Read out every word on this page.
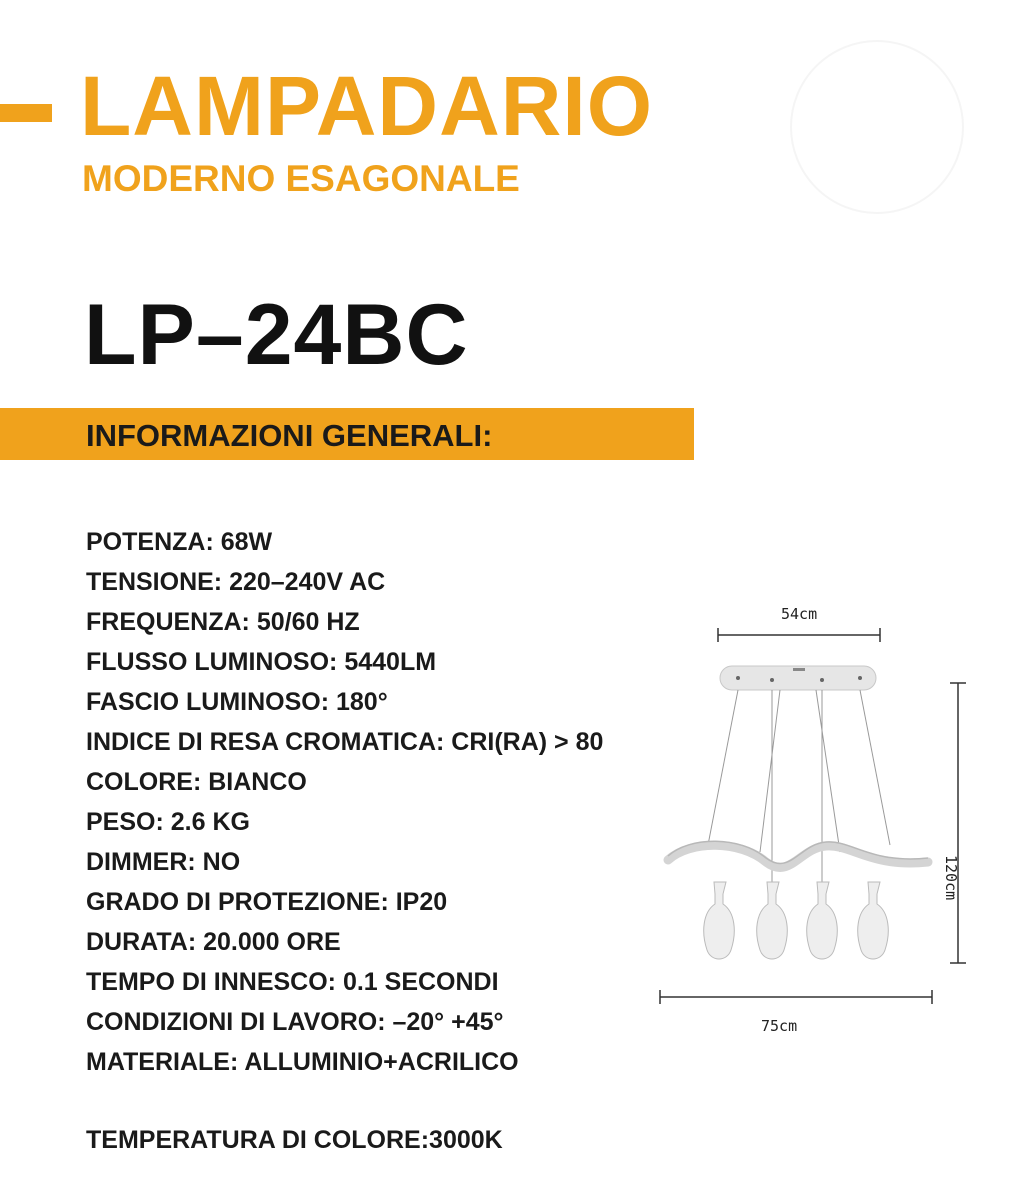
LAMPADARIO
MODERNO ESAGONALE
LP–24BC
INFORMAZIONI GENERALI:
POTENZA: 68W
TENSIONE: 220–240V AC
FREQUENZA: 50/60 HZ
FLUSSO LUMINOSO: 5440LM
FASCIO LUMINOSO: 180°
INDICE DI RESA CROMATICA: CRI(RA) > 80
COLORE: BIANCO
PESO: 2.6 KG
DIMMER: NO
GRADO DI PROTEZIONE: IP20
DURATA: 20.000 ORE
TEMPO DI INNESCO: 0.1 SECONDI
CONDIZIONI DI LAVORO: –20° +45°
MATERIALE: ALLUMINIO+ACRILICO
TEMPERATURA DI COLORE:3000K
54cm
75cm
120cm
